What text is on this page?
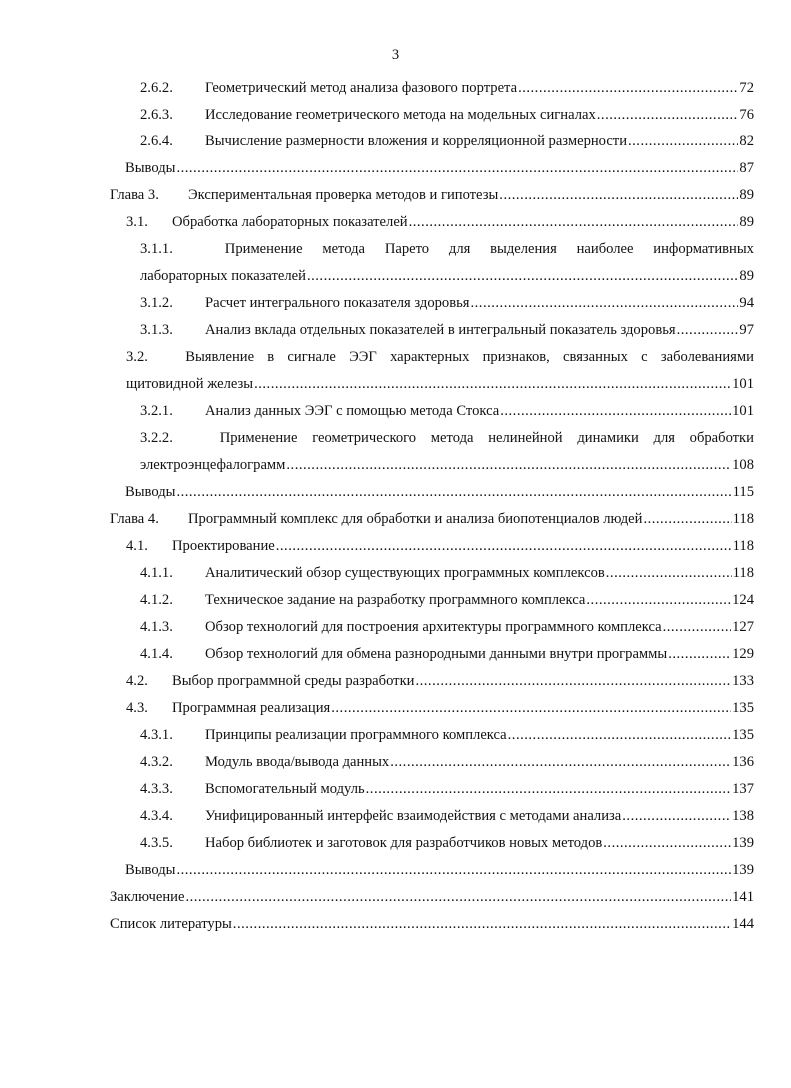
3
2.6.2.	Геометрический метод анализа фазового портрета .....	72
2.6.3.	Исследование геометрического метода на модельных сигналах .....	76
2.6.4.	Вычисление размерности вложения и корреляционной размерности .....	82
Выводы .....	87
Глава 3.	Экспериментальная проверка методов и гипотезы .....	89
3.1.	Обработка лабораторных показателей .....	89
3.1.1.	Применение метода Парето для выделения наиболее информативных
лабораторных показателей .....	89
3.1.2.	Расчет интегрального показателя здоровья .....	94
3.1.3.	Анализ вклада отдельных показателей в интегральный показатель здоровья .....	97
3.2.	Выявление в сигнале ЭЭГ характерных признаков, связанных с заболеваниями
щитовидной железы .....	101
3.2.1.	Анализ данных ЭЭГ с помощью метода Стокса .....	101
3.2.2.	Применение геометрического метода нелинейной динамики для обработки
электроэнцефалограмм .....	108
Выводы .....	115
Глава 4.	Программный комплекс для обработки и анализа биопотенциалов людей .....	118
4.1.	Проектирование .....	118
4.1.1.	Аналитический обзор существующих программных комплексов .....	118
4.1.2.	Техническое задание на разработку программного комплекса .....	124
4.1.3.	Обзор технологий для построения архитектуры программного комплекса .....	127
4.1.4.	Обзор технологий для обмена разнородными данными внутри программы .....	129
4.2.	Выбор программной среды разработки .....	133
4.3.	Программная реализация .....	135
4.3.1.	Принципы реализации программного комплекса .....	135
4.3.2.	Модуль ввода/вывода данных .....	136
4.3.3.	Вспомогательный модуль .....	137
4.3.4.	Унифицированный интерфейс взаимодействия с методами анализа .....	138
4.3.5.	Набор библиотек и заготовок для разработчиков новых методов .....	139
Выводы .....	139
Заключение .....	141
Список литературы .....	144
